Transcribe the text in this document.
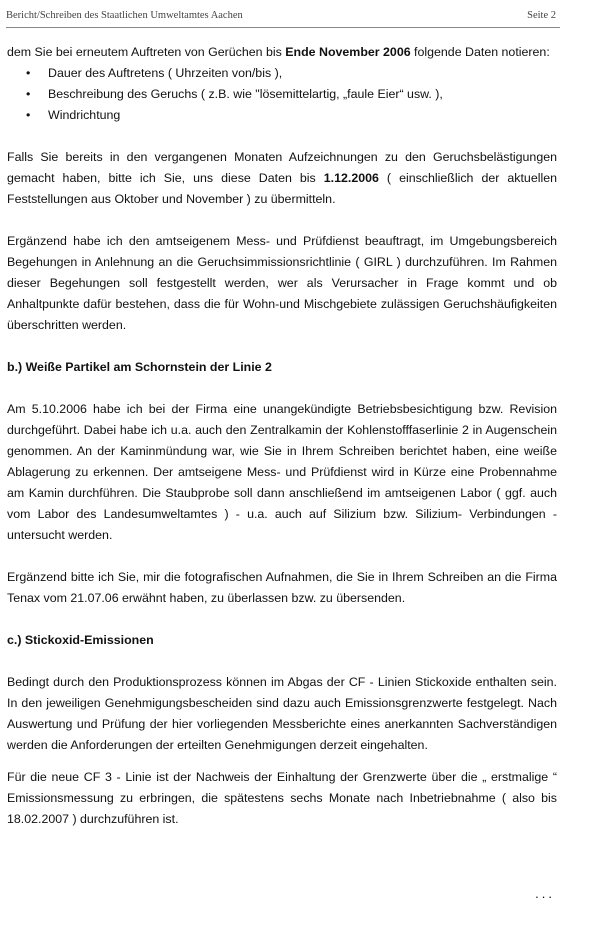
Bericht/Schreiben des Staatlichen Umweltamtes Aachen	Seite 2

dem Sie bei erneutem Auftreten von Gerüchen bis Ende November 2006 folgende Daten notieren:

• Dauer des Auftretens ( Uhrzeiten von/bis ),
• Beschreibung des Geruchs ( z.B. wie "lösemittelartig, „faule Eier“ usw. ),
• Windrichtung

Falls Sie bereits in den vergangenen Monaten Aufzeichnungen zu den Geruchsbelästigungen gemacht haben, bitte ich Sie, uns diese Daten bis 1.12.2006 ( einschließlich der aktuellen Feststellungen aus Oktober und November ) zu übermitteln.

Ergänzend habe ich den amtseigenem Mess- und Prüfdienst beauftragt, im Umgebungsbereich Begehungen in Anlehnung an die Geruchsimmissionsrichtlinie ( GIRL ) durchzuführen. Im Rahmen dieser Begehungen soll festgestellt werden, wer als Verursacher in Frage kommt und ob Anhaltpunkte dafür bestehen, dass die für Wohn-und Mischgebiete zulässigen Geruchshäufigkeiten überschritten werden.

b.) Weiße Partikel am Schornstein der Linie 2

Am 5.10.2006 habe ich bei der Firma eine unangekündigte Betriebsbesichtigung bzw. Revision durchgeführt. Dabei habe ich u.a. auch den Zentralkamin der Kohlenstofffaserlinie 2 in Augenschein genommen. An der Kaminmündung war, wie Sie in Ihrem Schreiben berichtet haben, eine weiße Ablagerung zu erkennen. Der amtseigene Mess- und Prüfdienst wird in Kürze eine Probennahme am Kamin durchführen. Die Staubprobe soll dann anschließend im amtseigenen Labor ( ggf. auch vom Labor des Landesumweltamtes ) - u.a. auch auf Silizium bzw. Silizium- Verbindungen - untersucht werden.

Ergänzend bitte ich Sie, mir die fotografischen Aufnahmen, die Sie in Ihrem Schreiben an die Firma Tenax vom 21.07.06 erwähnt haben, zu überlassen bzw. zu übersenden.

c.) Stickoxid-Emissionen

Bedingt durch den Produktionsprozess können im Abgas der CF - Linien Stickoxide enthalten sein. In den jeweiligen Genehmigungsbescheiden sind dazu auch Emissionsgrenzwerte festgelegt. Nach Auswertung und Prüfung der hier vorliegenden Messberichte eines anerkannten Sachverständigen werden die Anforderungen der erteilten Genehmigungen derzeit eingehalten.

Für die neue CF 3 - Linie ist der Nachweis der Einhaltung der Grenzwerte über die „ erstmalige “ Emissionsmessung zu erbringen, die spätestens sechs Monate nach Inbetriebnahme ( also bis 18.02.2007 ) durchzuführen ist.

...
